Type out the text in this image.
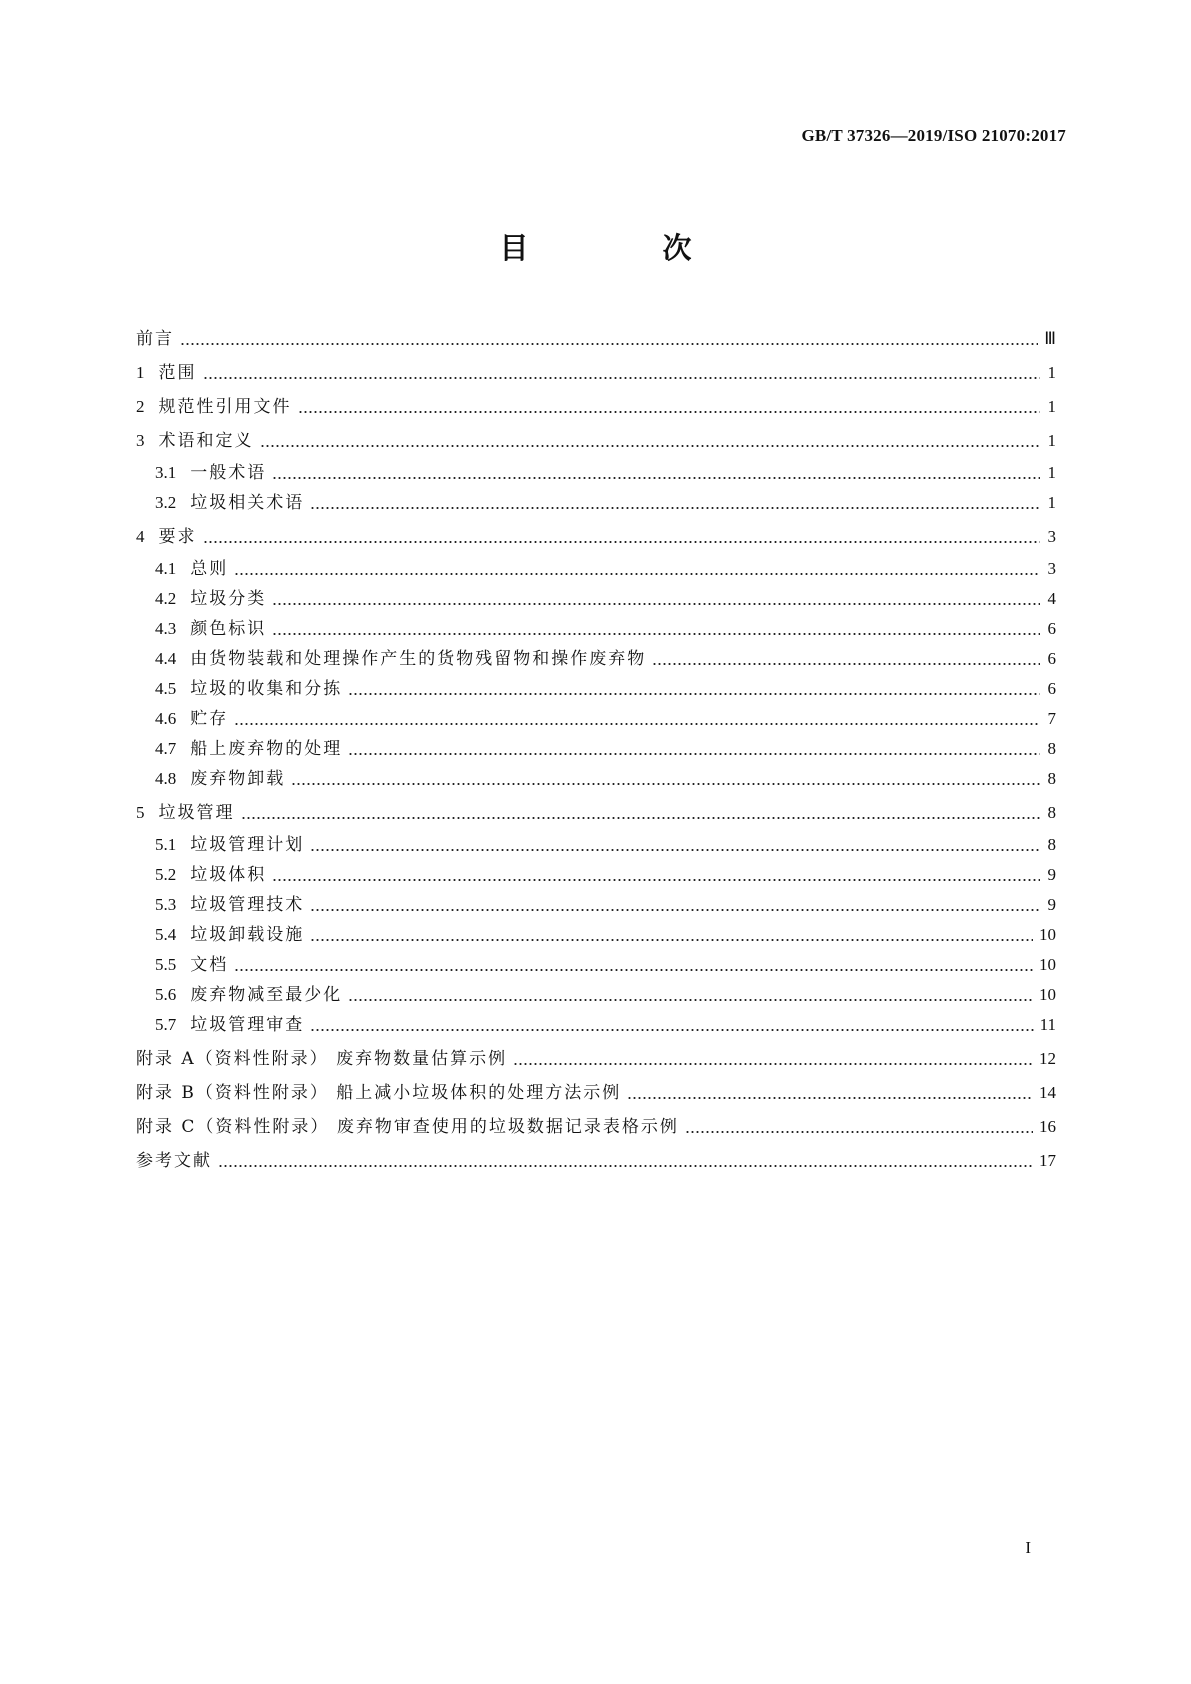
GB/T 37326—2019/ISO 21070:2017
目 次
前言	Ⅲ
1 范围	1
2 规范性引用文件	1
3 术语和定义	1
3.1 一般术语	1
3.2 垃圾相关术语	1
4 要求	3
4.1 总则	3
4.2 垃圾分类	4
4.3 颜色标识	6
4.4 由货物装载和处理操作产生的货物残留物和操作废弃物	6
4.5 垃圾的收集和分拣	6
4.6 贮存	7
4.7 船上废弃物的处理	8
4.8 废弃物卸载	8
5 垃圾管理	8
5.1 垃圾管理计划	8
5.2 垃圾体积	9
5.3 垃圾管理技术	9
5.4 垃圾卸载设施	10
5.5 文档	10
5.6 废弃物减至最少化	10
5.7 垃圾管理审查	11
附录 A（资料性附录） 废弃物数量估算示例	12
附录 B（资料性附录） 船上减小垃圾体积的处理方法示例	14
附录 C（资料性附录） 废弃物审查使用的垃圾数据记录表格示例	16
参考文献	17
I
